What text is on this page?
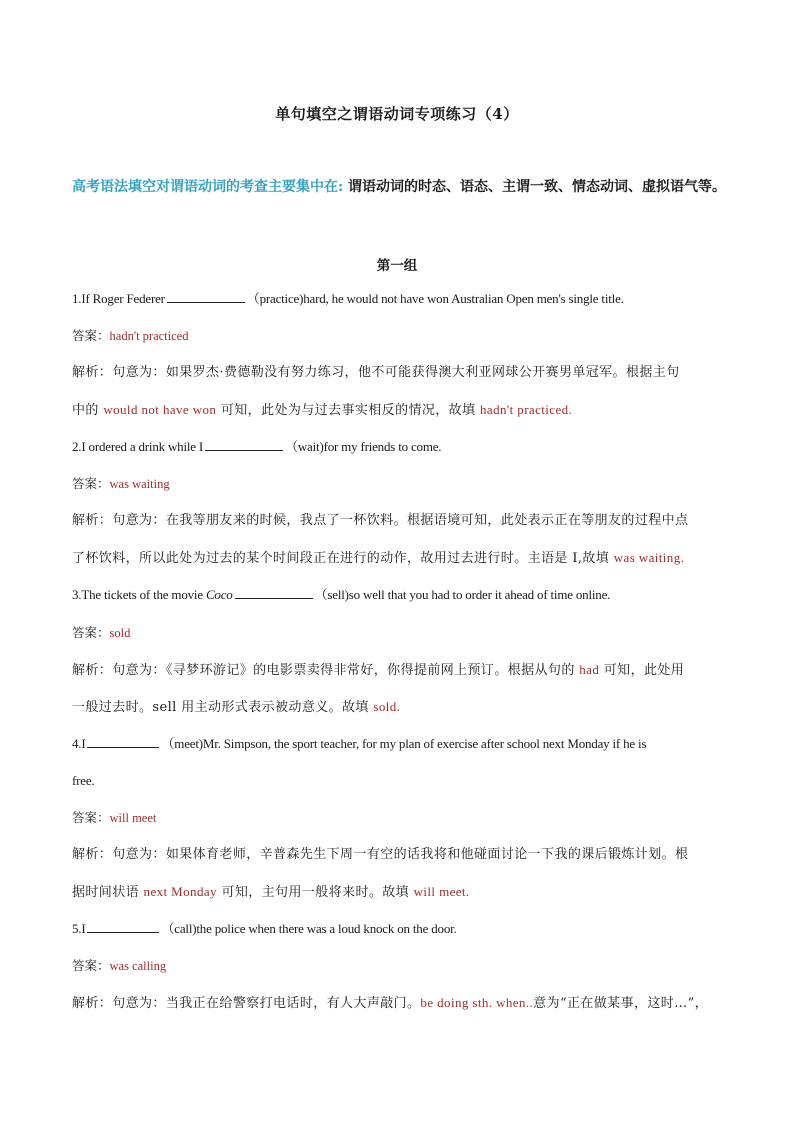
单句填空之谓语动词专项练习（4）
高考语法填空对谓语动词的考查主要集中在: 谓语动词的时态、语态、主谓一致、情态动词、虚拟语气等。
第一组
1.If Roger Federer	（practice)hard, he would not have won Australian Open men's single title.
答案：hadn't practiced
解析：句意为：如果罗杰·费德勒没有努力练习，他不可能获得澳大利亚网球公开赛男单冠军。根据主句
中的 would not have won 可知，此处为与过去事实相反的情况，故填 hadn't practiced.
2.I ordered a drink while I	（wait)for my friends to come.
答案：was waiting
解析：句意为：在我等朋友来的时候，我点了一杯饮料。根据语境可知，此处表示正在等朋友的过程中点
了杯饮料，所以此处为过去的某个时间段正在进行的动作，故用过去进行时。主语是 I,故填 was waiting.
3.The tickets of the movie Coco	（sell)so well that you had to order it ahead of time online.
答案：sold
解析：句意为：《寻梦环游记》的电影票卖得非常好，你得提前网上预订。根据从句的 had 可知，此处用
一般过去时。sell 用主动形式表示被动意义。故填 sold.
4.I	（meet)Mr. Simpson, the sport teacher, for my plan of exercise after school next Monday if he is
free.
答案：will meet
解析：句意为：如果体育老师，辛普森先生下周一有空的话我将和他碰面讨论一下我的课后锻炼计划。根
据时间状语 next Monday 可知，主句用一般将来时。故填 will meet.
5.I	（call)the police when there was a loud knock on the door.
答案：was calling
解析：句意为：当我正在给警察打电话时，有人大声敲门。be doing sth. when..意为“正在做某事，这时…”，
